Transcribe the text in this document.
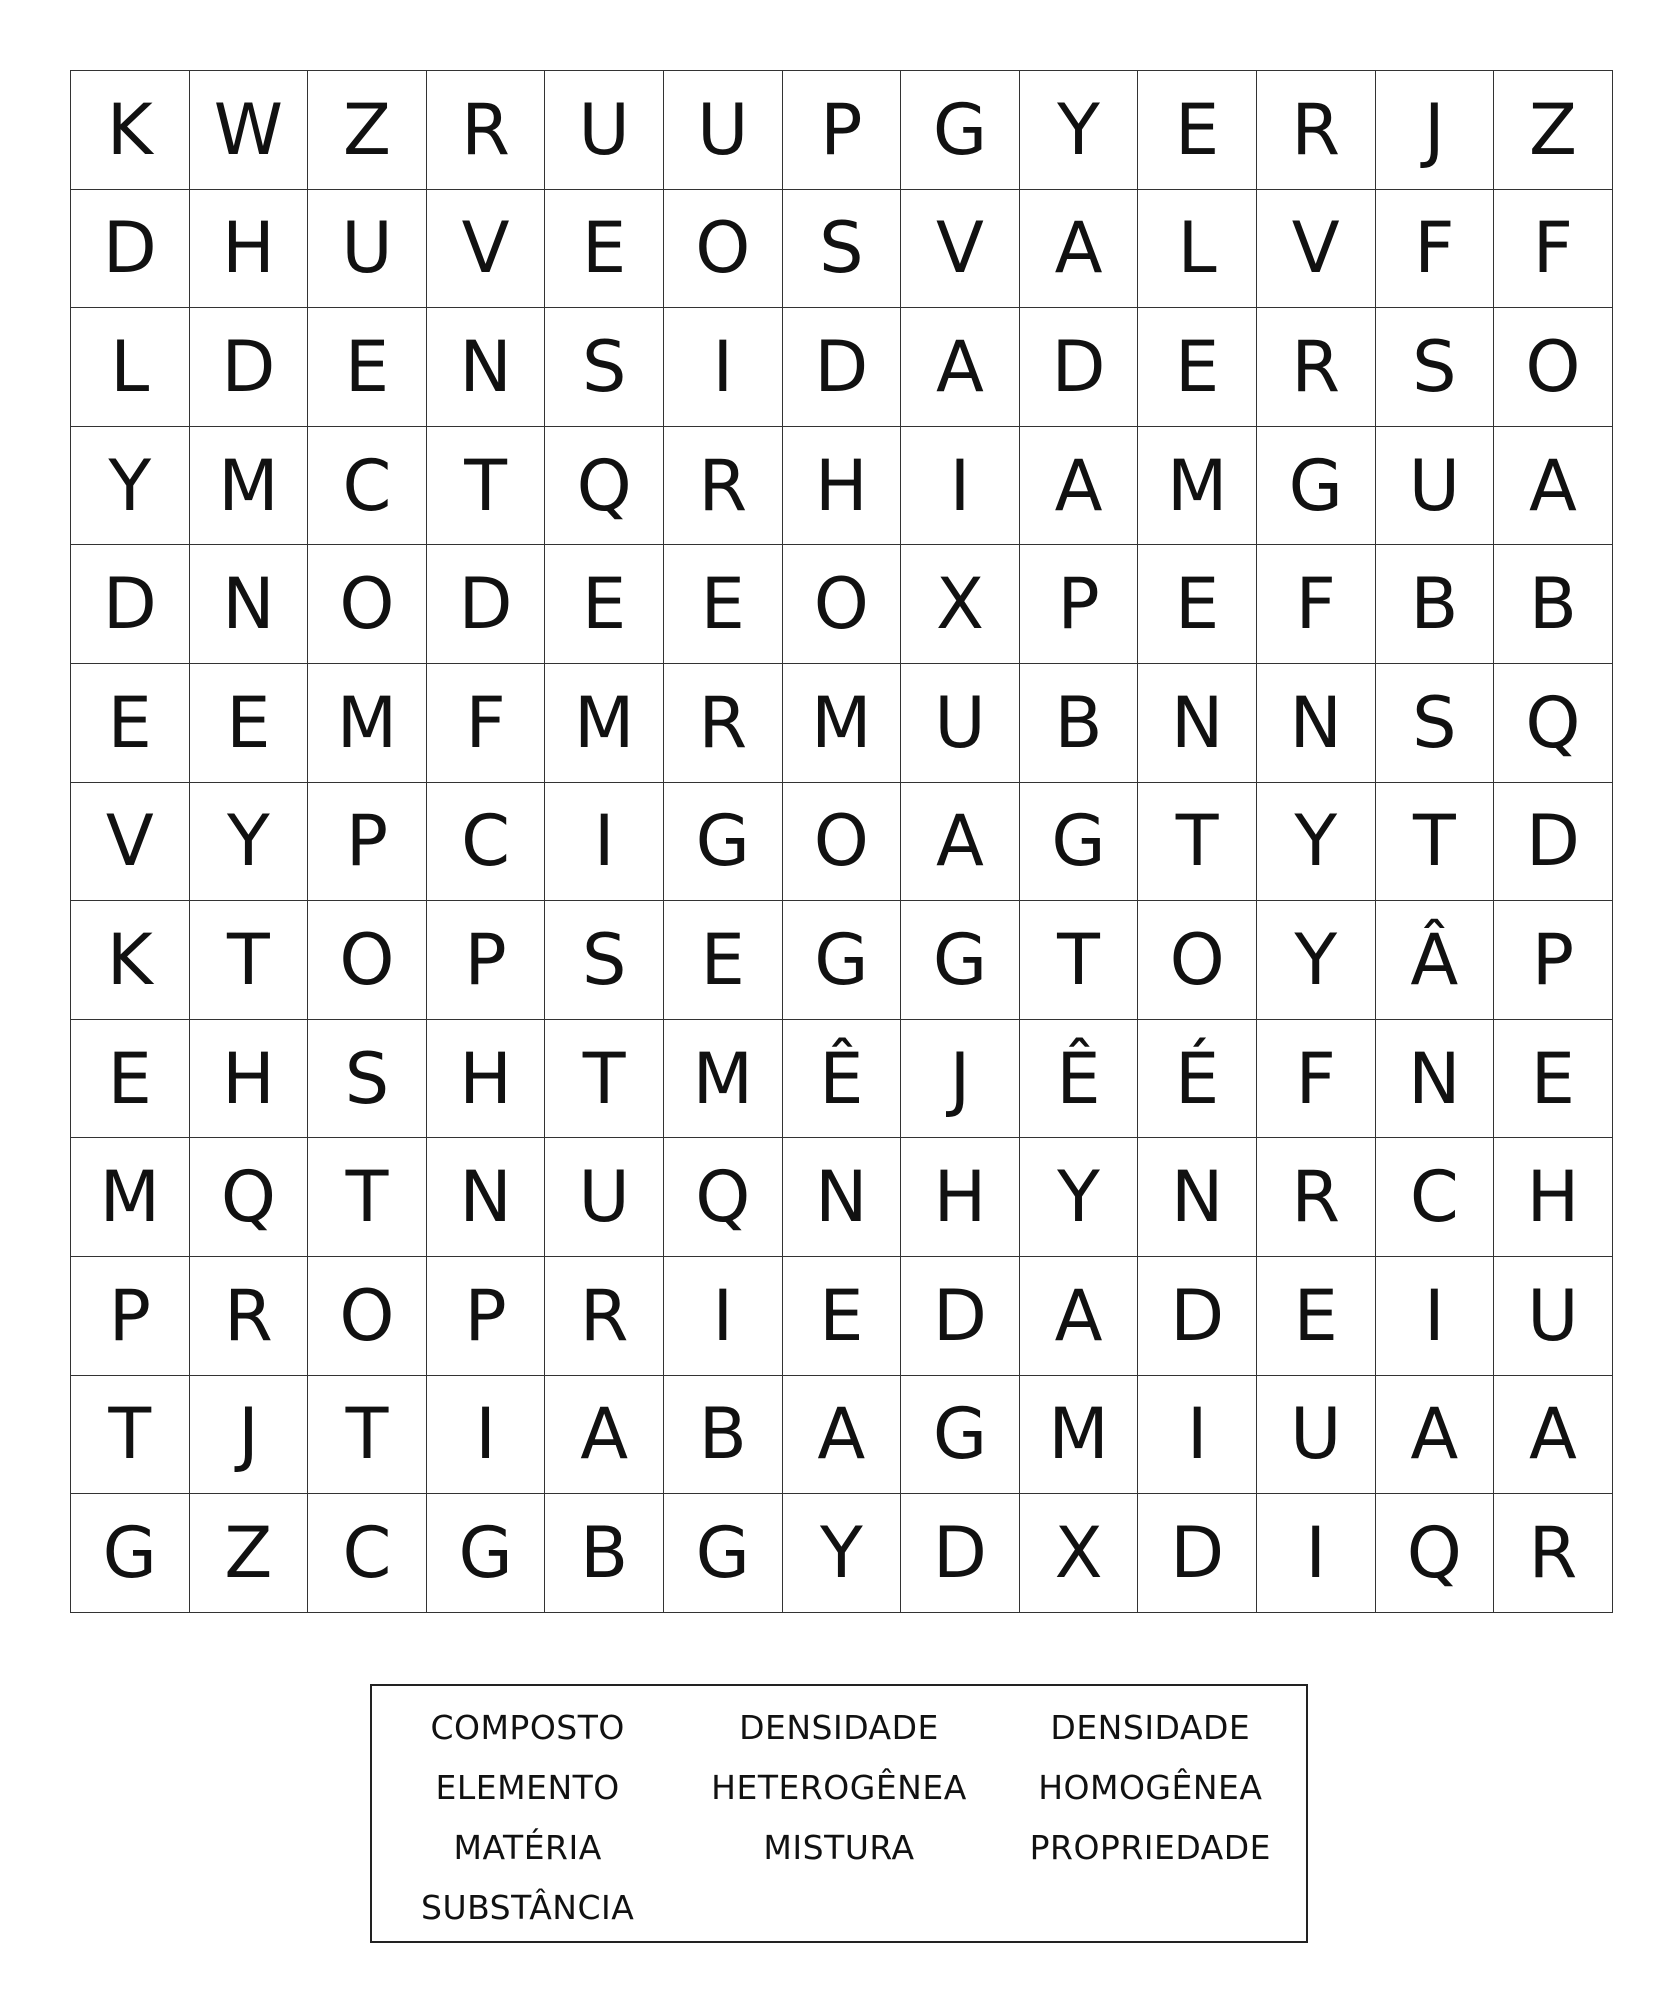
K W Z	R U U	P	G	Y	E	R	J	Z
D H U V	E O S	V	A	L	V	F	F
L	D E	N	S	I	D A D E	R	S O
Y M C	T Q R H	I	A M G U A
D N O D E	E O X	P	E	F	B	B
E	E M F M R M U B N N	S Q
V	Y	P	C	I	G O A G	T	Y	T	D
K	T O P	S	E G G	T O Y	Â	P
E	H	S	H	T M Ê	J	Ê	É	F	N	E
M Q T	N U Q N H	Y	N R C H
P	R O P	R	I	E D A D E	I	U
T	J	T	I	A	B	A G M	I	U A	A
G Z	C G B G	Y	D X D	I	Q R
COMPOSTO	DENSIDADE	DENSIDADE
ELEMENTO	HETEROGÊNEA	HOMOGÊNEA
MATÉRIA	MISTURA	PROPRIEDADE
SUBSTÂNCIA
